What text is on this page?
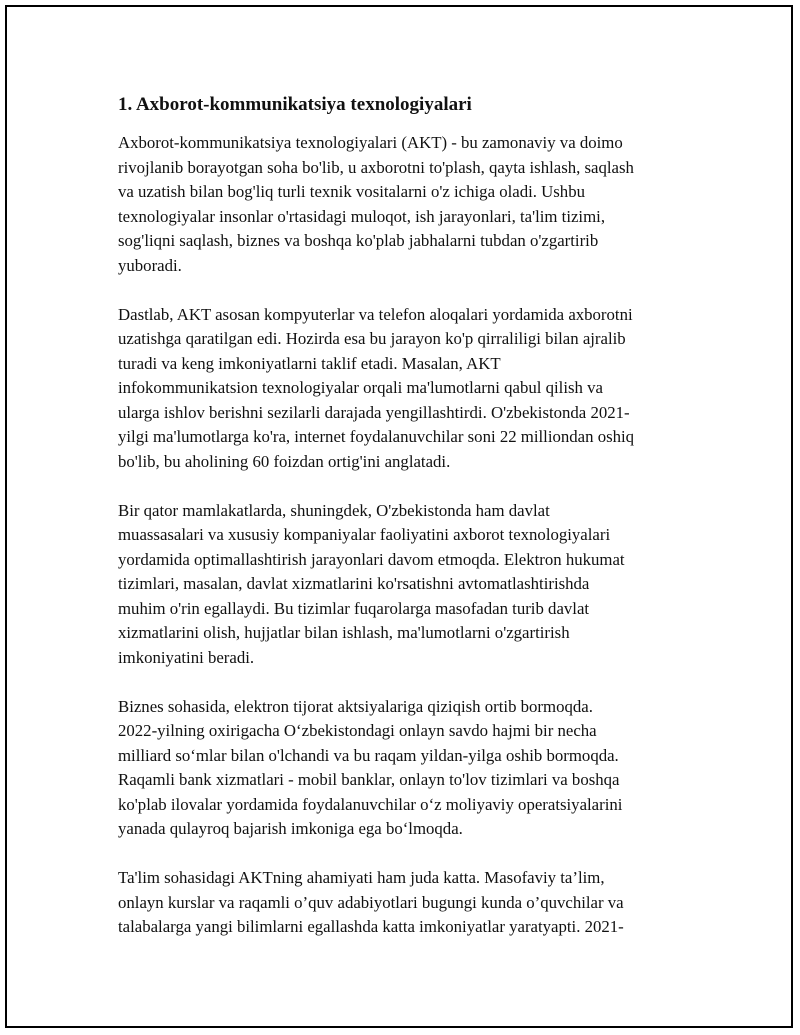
1. Axborot-kommunikatsiya texnologiyalari
Axborot-kommunikatsiya texnologiyalari (AKT) - bu zamonaviy va doimo
rivojlanib borayotgan soha bo'lib, u axborotni to'plash, qayta ishlash, saqlash
va uzatish bilan bog'liq turli texnik vositalarni o'z ichiga oladi. Ushbu
texnologiyalar insonlar o'rtasidagi muloqot, ish jarayonlari, ta'lim tizimi,
sog'liqni saqlash, biznes va boshqa ko'plab jabhalarni tubdan o'zgartirib
yuboradi.
Dastlab, AKT asosan kompyuterlar va telefon aloqalari yordamida axborotni
uzatishga qaratilgan edi. Hozirda esa bu jarayon ko'p qirraliligi bilan ajralib
turadi va keng imkoniyatlarni taklif etadi. Masalan, AKT
infokommunikatsion texnologiyalar orqali ma'lumotlarni qabul qilish va
ularga ishlov berishni sezilarli darajada yengillashtirdi. O'zbekistonda 2021-
yilgi ma'lumotlarga ko'ra, internet foydalanuvchilar soni 22 milliondan oshiq
bo'lib, bu aholining 60 foizdan ortig'ini anglatadi.
Bir qator mamlakatlarda, shuningdek, O'zbekistonda ham davlat
muassasalari va xususiy kompaniyalar faoliyatini axborot texnologiyalari
yordamida optimallashtirish jarayonlari davom etmoqda. Elektron hukumat
tizimlari, masalan, davlat xizmatlarini ko'rsatishni avtomatlashtirishda
muhim o'rin egallaydi. Bu tizimlar fuqarolarga masofadan turib davlat
xizmatlarini olish, hujjatlar bilan ishlash, ma'lumotlarni o'zgartirish
imkoniyatini beradi.
Biznes sohasida, elektron tijorat aktsiyalariga qiziqish ortib bormoqda.
2022-yilning oxirigacha O‘zbekistondagi onlayn savdo hajmi bir necha
milliard so‘mlar bilan o'lchandi va bu raqam yildan-yilga oshib bormoqda.
Raqamli bank xizmatlari - mobil banklar, onlayn to'lov tizimlari va boshqa
ko'plab ilovalar yordamida foydalanuvchilar o‘z moliyaviy operatsiyalarini
yanada qulayroq bajarish imkoniga ega bo‘lmoqda.
Ta'lim sohasidagi AKTning ahamiyati ham juda katta. Masofaviy ta’lim,
onlayn kurslar va raqamli o’quv adabiyotlari bugungi kunda o’quvchilar va
talabalarga yangi bilimlarni egallashda katta imkoniyatlar yaratyapti. 2021-
